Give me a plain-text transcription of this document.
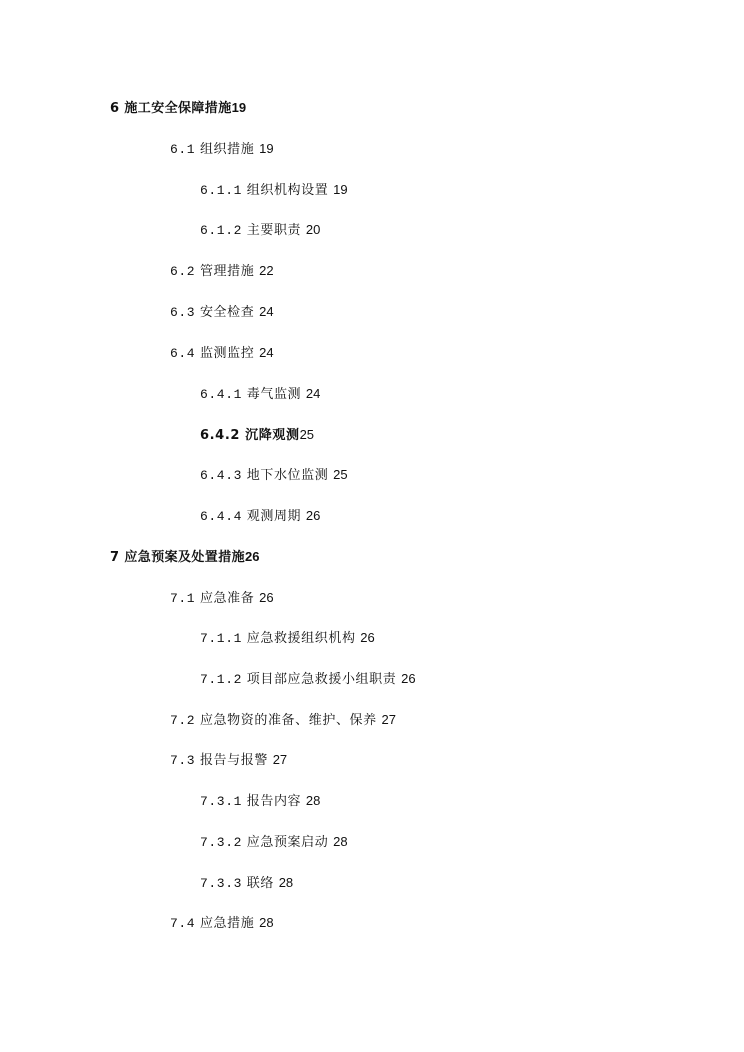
6 施工安全保障措施19
6.1 组织措施 19
6.1.1 组织机构设置 19
6.1.2 主要职责 20
6.2 管理措施 22
6.3 安全检查 24
6.4 监测监控 24
6.4.1 毒气监测 24
6.4.2 沉降观测25
6.4.3 地下水位监测 25
6.4.4 观测周期 26
7 应急预案及处置措施26
7.1 应急准备 26
7.1.1 应急救援组织机构 26
7.1.2 项目部应急救援小组职责 26
7.2 应急物资的准备、维护、保养 27
7.3 报告与报警 27
7.3.1 报告内容 28
7.3.2 应急预案启动 28
7.3.3 联络 28
7.4 应急措施 28
